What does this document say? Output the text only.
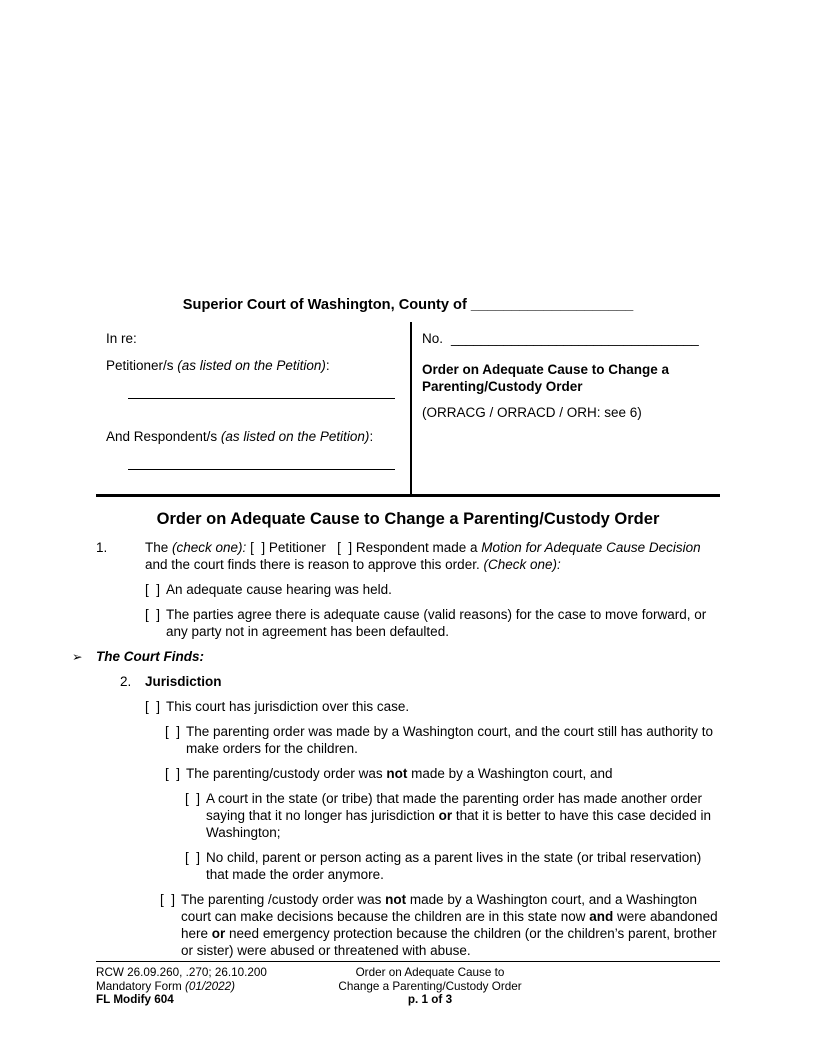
Superior Court of Washington, County of ____________________
In re:
Petitioner/s (as listed on the Petition):
And Respondent/s (as listed on the Petition):
No. _________________________________
Order on Adequate Cause to Change a Parenting/Custody Order
(ORRACG / ORRACD / ORH: see 6)
Order on Adequate Cause to Change a Parenting/Custody Order
1.	The (check one): [  ] Petitioner   [  ] Respondent made a Motion for Adequate Cause Decision and the court finds there is reason to approve this order. (Check one):
[  ] An adequate cause hearing was held.
[  ] The parties agree there is adequate cause (valid reasons) for the case to move forward, or any party not in agreement has been defaulted.
➢	The Court Finds:
2.	Jurisdiction
[  ] This court has jurisdiction over this case.
[  ] The parenting order was made by a Washington court, and the court still has authority to make orders for the children.
[  ] The parenting/custody order was not made by a Washington court, and
[  ] A court in the state (or tribe) that made the parenting order has made another order saying that it no longer has jurisdiction or that it is better to have this case decided in Washington;
[  ] No child, parent or person acting as a parent lives in the state (or tribal reservation) that made the order anymore.
[  ] The parenting /custody order was not made by a Washington court, and a Washington court can make decisions because the children are in this state now and were abandoned here or need emergency protection because the children (or the children’s parent, brother or sister) were abused or threatened with abuse.
RCW 26.09.260, .270; 26.10.200
Mandatory Form (01/2022)
FL Modify 604
Order on Adequate Cause to
Change a Parenting/Custody Order
p. 1 of 3
